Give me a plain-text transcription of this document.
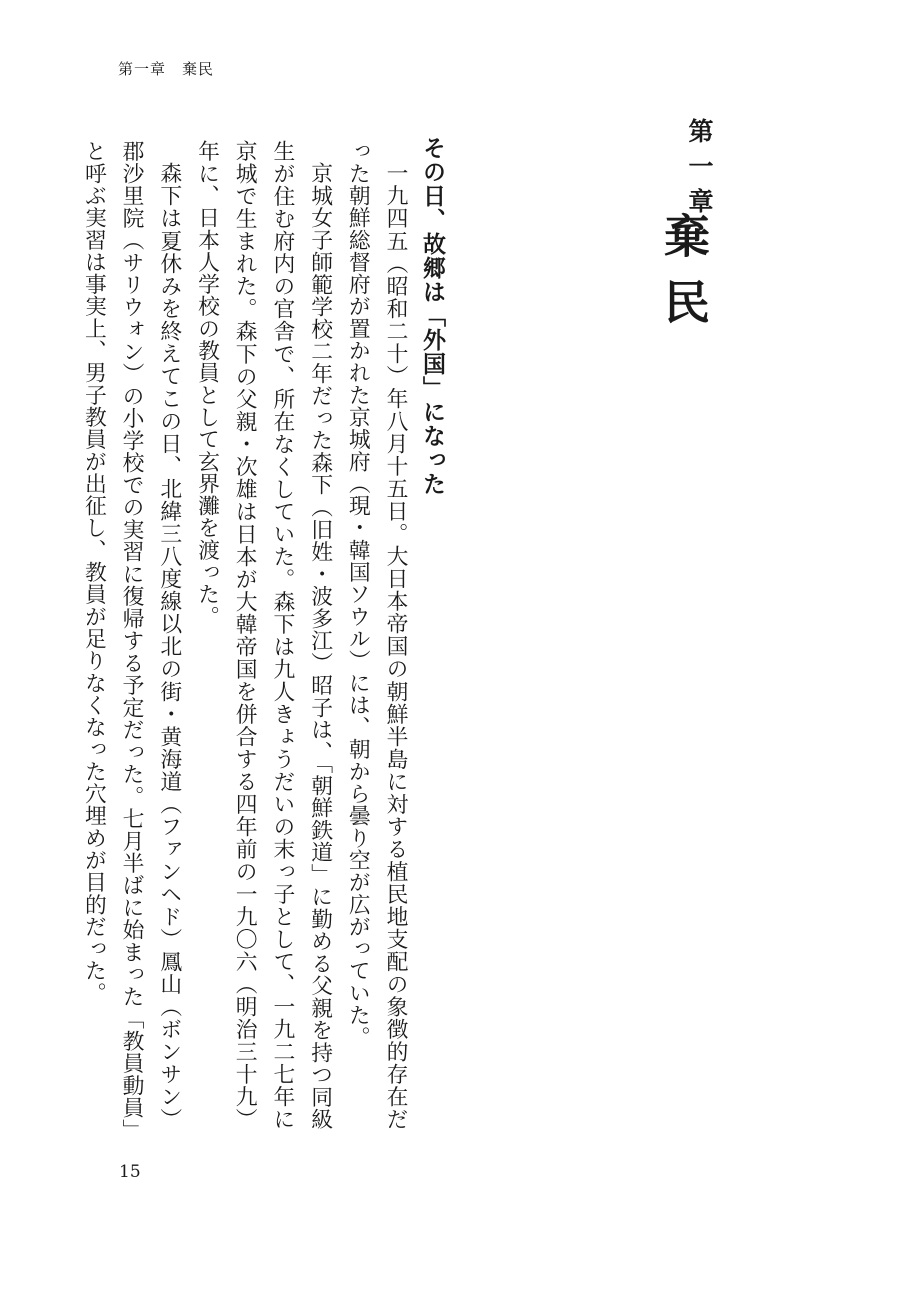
第一章　棄民
第一章
棄民
その日、故郷は「外国」になった

一九四五（昭和二十）年八月十五日。大日本帝国の朝鮮半島に対する植民地支配の象徴的存在だった朝鮮総督府が置かれた京城府（現・韓国ソウル）には、朝から曇り空が広がっていた。

京城女子師範学校二年だった森下（旧姓・波多江）昭子は、「朝鮮鉄道」に勤める父親を持つ同級生が住む府内の官舎で、所在なくしていた。森下は九人きょうだいの末っ子として、一九二七年に京城で生まれた。森下の父親・次雄は日本が大韓帝国を併合する四年前の一九〇六（明治三十九）年に、日本人学校の教員として玄界灘を渡った。

森下は夏休みを終えてこの日、北緯三八度線以北の街・黄海道（ファンヘド）鳳山（ボンサン）郡沙里院（サリウォン）の小学校での実習に復帰する予定だった。七月半ばに始まった「教員動員」と呼ぶ実習は事実上、男子教員が出征し、教員が足りなくなった穴埋めが目的だった。

15
